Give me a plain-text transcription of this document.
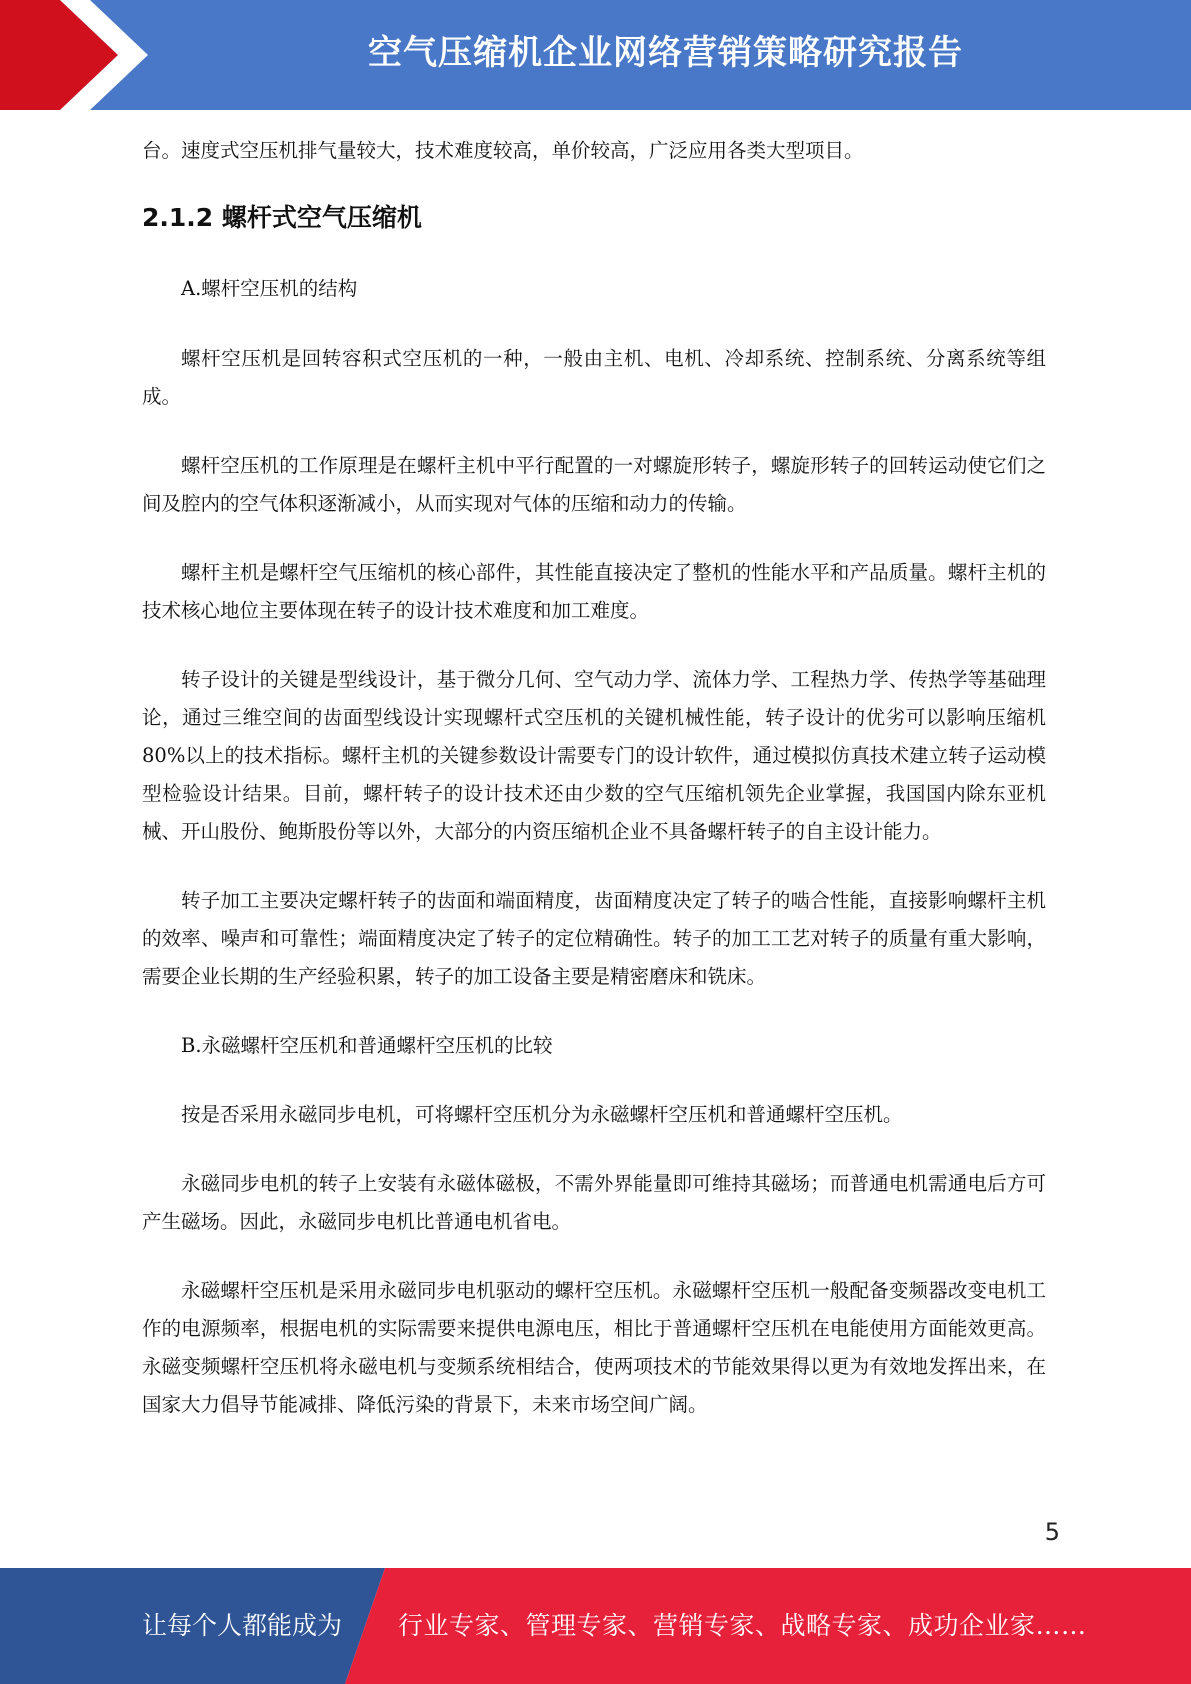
空气压缩机企业网络营销策略研究报告

台。速度式空压机排气量较大，技术难度较高，单价较高，广泛应用各类大型项目。

2.1.2 螺杆式空气压缩机

A.螺杆空压机的结构

螺杆空压机是回转容积式空压机的一种，一般由主机、电机、冷却系统、控制系统、分离系统等组成。

螺杆空压机的工作原理是在螺杆主机中平行配置的一对螺旋形转子，螺旋形转子的回转运动使它们之间及腔内的空气体积逐渐减小，从而实现对气体的压缩和动力的传输。

螺杆主机是螺杆空气压缩机的核心部件，其性能直接决定了整机的性能水平和产品质量。螺杆主机的技术核心地位主要体现在转子的设计技术难度和加工难度。

转子设计的关键是型线设计，基于微分几何、空气动力学、流体力学、工程热力学、传热学等基础理论，通过三维空间的齿面型线设计实现螺杆式空压机的关键机械性能，转子设计的优劣可以影响压缩机 80%以上的技术指标。螺杆主机的关键参数设计需要专门的设计软件，通过模拟仿真技术建立转子运动模型检验设计结果。目前，螺杆转子的设计技术还由少数的空气压缩机领先企业掌握，我国国内除东亚机械、开山股份、鲍斯股份等以外，大部分的内资压缩机企业不具备螺杆转子的自主设计能力。

转子加工主要决定螺杆转子的齿面和端面精度，齿面精度决定了转子的啮合性能，直接影响螺杆主机的效率、噪声和可靠性；端面精度决定了转子的定位精确性。转子的加工工艺对转子的质量有重大影响，需要企业长期的生产经验积累，转子的加工设备主要是精密磨床和铣床。

B.永磁螺杆空压机和普通螺杆空压机的比较

按是否采用永磁同步电机，可将螺杆空压机分为永磁螺杆空压机和普通螺杆空压机。

永磁同步电机的转子上安装有永磁体磁极，不需外界能量即可维持其磁场；而普通电机需通电后方可产生磁场。因此，永磁同步电机比普通电机省电。

永磁螺杆空压机是采用永磁同步电机驱动的螺杆空压机。永磁螺杆空压机一般配备变频器改变电机工作的电源频率，根据电机的实际需要来提供电源电压，相比于普通螺杆空压机在电能使用方面能效更高。永磁变频螺杆空压机将永磁电机与变频系统相结合，使两项技术的节能效果得以更为有效地发挥出来，在国家大力倡导节能减排、降低污染的背景下，未来市场空间广阔。

5
让每个人都能成为 行业专家、管理专家、营销专家、战略专家、成功企业家……
